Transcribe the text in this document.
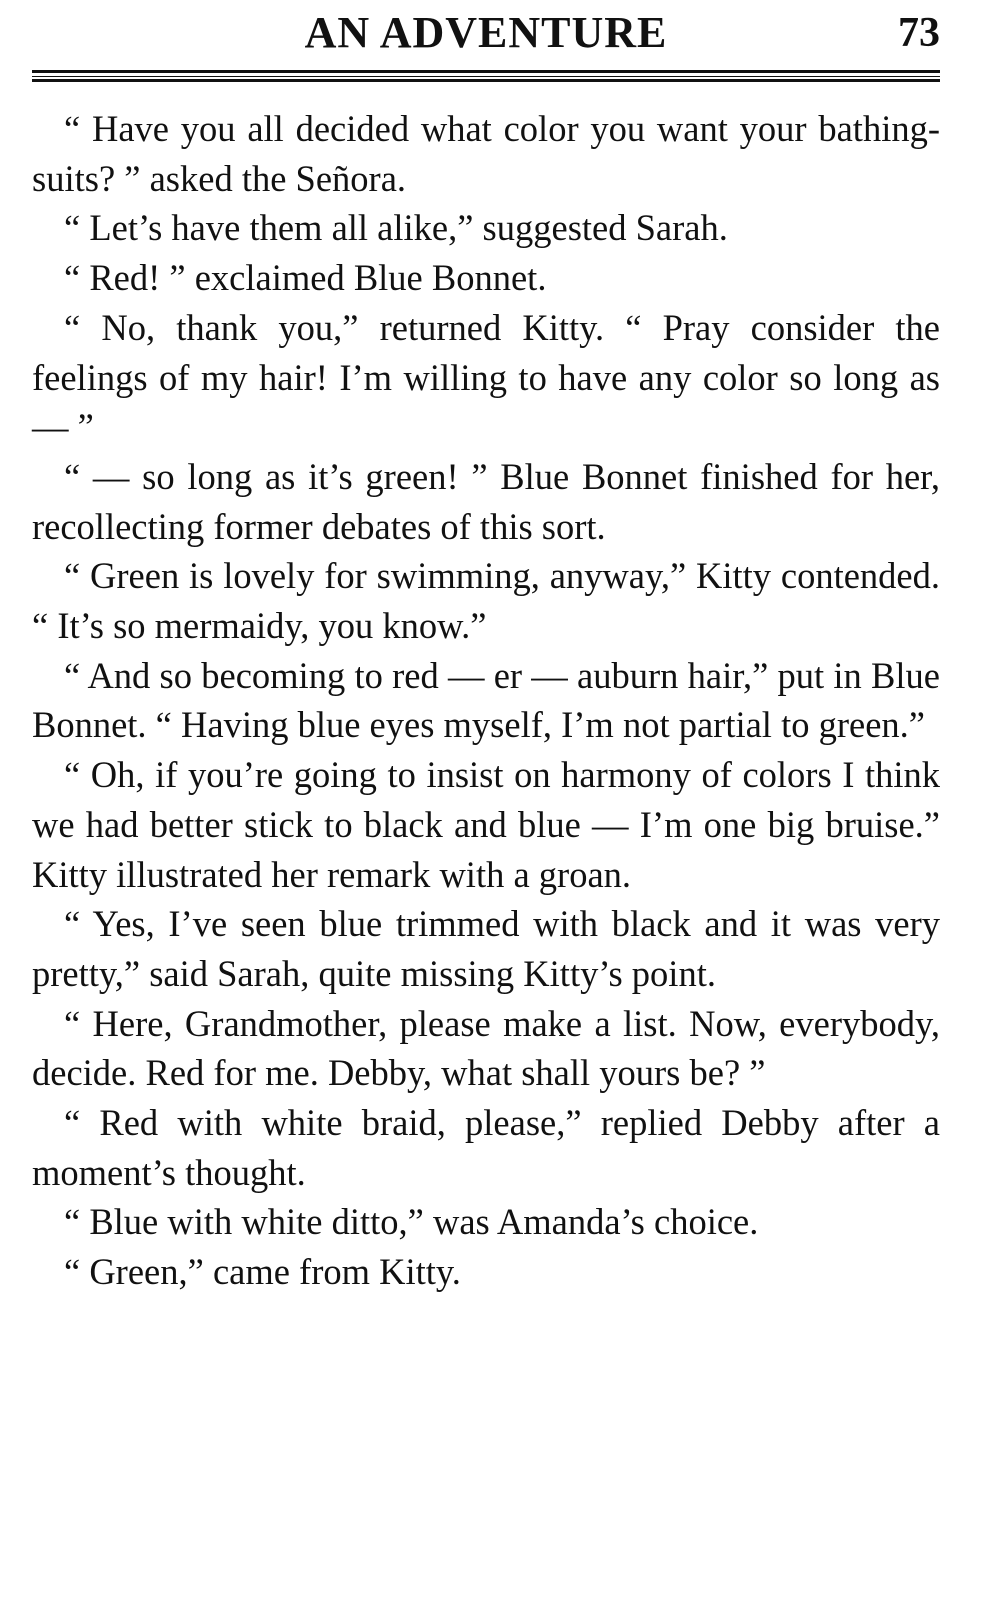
AN ADVENTURE	73

“ Have you all decided what color you want your bathing-suits? ” asked the Señora.

“ Let’s have them all alike,” suggested Sarah.

“ Red! ” exclaimed Blue Bonnet.

“ No, thank you,” returned Kitty. “ Pray consider the feelings of my hair! I’m willing to have any color so long as — ”

“ — so long as it’s green! ” Blue Bonnet finished for her, recollecting former debates of this sort.

“ Green is lovely for swimming, anyway,” Kitty contended. “ It’s so mermaidy, you know.”

“ And so becoming to red — er — auburn hair,” put in Blue Bonnet. “ Having blue eyes myself, I’m not partial to green.”

“ Oh, if you’re going to insist on harmony of colors I think we had better stick to black and blue — I’m one big bruise.” Kitty illustrated her remark with a groan.

“ Yes, I’ve seen blue trimmed with black and it was very pretty,” said Sarah, quite missing Kitty’s point.

“ Here, Grandmother, please make a list. Now, everybody, decide. Red for me. Debby, what shall yours be? ”

“ Red with white braid, please,” replied Debby after a moment’s thought.

“ Blue with white ditto,” was Amanda’s choice.

“ Green,” came from Kitty.
